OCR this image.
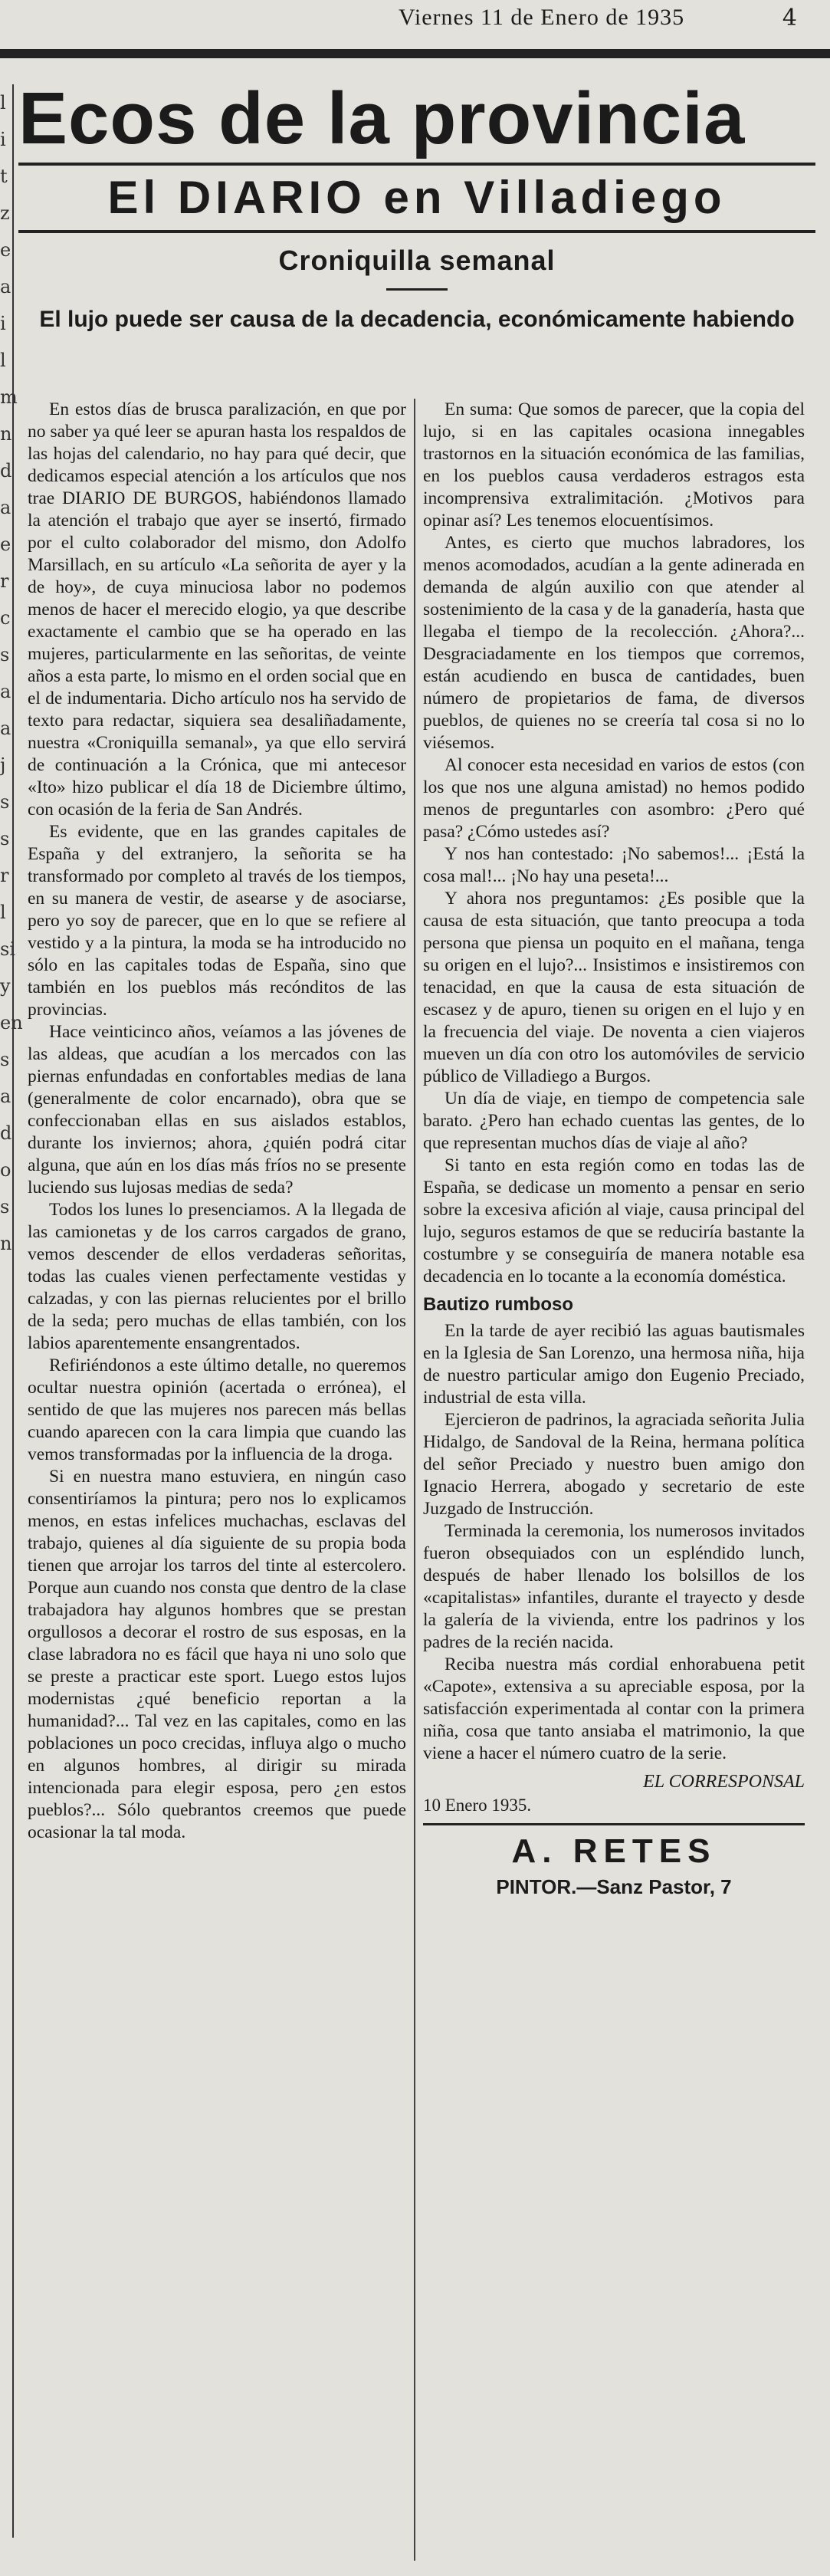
Viernes 11 de Enero de 1935	4
l
i
t
z
e
a
i
l
m
n
d
a
e
r
c
s
a
a
j
s
s
r
l
si
y
en
s
a
d
o
s
n
Ecos de la provincia
El DIARIO en Villadiego
Croniquilla semanal
El lujo puede ser causa de la decadencia, económicamente habiendo

En estos días de brusca paralización, en que por no saber ya qué leer se apuran hasta los respaldos de las hojas del calendario, no hay para qué decir, que dedicamos especial atención a los artículos que nos trae DIARIO DE BURGOS, habiéndonos llamado la atención el trabajo que ayer se insertó, firmado por el culto colaborador del mismo, don Adolfo Marsillach, en su artículo «La señorita de ayer y la de hoy», de cuya minuciosa labor no podemos menos de hacer el merecido elogio, ya que describe exactamente el cambio que se ha operado en las mujeres, particularmente en las señoritas, de veinte años a esta parte, lo mismo en el orden social que en el de indumentaria. Dicho artículo nos ha servido de texto para redactar, siquiera sea desaliñadamente, nuestra «Croniquilla semanal», ya que ello servirá de continuación a la Crónica, que mi antecesor «Ito» hizo publicar el día 18 de Diciembre último, con ocasión de la feria de San Andrés.

Es evidente, que en las grandes capitales de España y del extranjero, la señorita se ha transformado por completo al través de los tiempos, en su manera de vestir, de asearse y de asociarse, pero yo soy de parecer, que en lo que se refiere al vestido y a la pintura, la moda se ha introducido no sólo en las capitales todas de España, sino que también en los pueblos más recónditos de las provincias.

Hace veinticinco años, veíamos a las jóvenes de las aldeas, que acudían a los mercados con las piernas enfundadas en confortables medias de lana (generalmente de color encarnado), obra que se confeccionaban ellas en sus aislados establos, durante los inviernos; ahora, ¿quién podrá citar alguna, que aún en los días más fríos no se presente luciendo sus lujosas medias de seda?

Todos los lunes lo presenciamos. A la llegada de las camionetas y de los carros cargados de grano, vemos descender de ellos verdaderas señoritas, todas las cuales vienen perfectamente vestidas y calzadas, y con las piernas relucientes por el brillo de la seda; pero muchas de ellas también, con los labios aparentemente ensangrentados.

Refiriéndonos a este último detalle, no queremos ocultar nuestra opinión (acertada o errónea), el sentido de que las mujeres nos parecen más bellas cuando aparecen con la cara limpia que cuando las vemos transformadas por la influencia de la droga.

Si en nuestra mano estuviera, en ningún caso consentiríamos la pintura; pero nos lo explicamos menos, en estas infelices muchachas, esclavas del trabajo, quienes al día siguiente de su propia boda tienen que arrojar los tarros del tinte al estercolero. Porque aun cuando nos consta que dentro de la clase trabajadora hay algunos hombres que se prestan orgullosos a decorar el rostro de sus esposas, en la clase labradora no es fácil que haya ni uno solo que se preste a practicar este sport. Luego estos lujos modernistas ¿qué beneficio reportan a la humanidad?... Tal vez en las capitales, como en las poblaciones un poco crecidas, influya algo o mucho en algunos hombres, al dirigir su mirada intencionada para elegir esposa, pero ¿en estos pueblos?... Sólo quebrantos creemos que puede ocasionar la tal moda.

En suma: Que somos de parecer, que la copia del lujo, si en las capitales ocasiona innegables trastornos en la situación económica de las familias, en los pueblos causa verdaderos estragos esta incomprensiva extralimitación. ¿Motivos para opinar así? Les tenemos elocuentísimos.

Antes, es cierto que muchos labradores, los menos acomodados, acudían a la gente adinerada en demanda de algún auxilio con que atender al sostenimiento de la casa y de la ganadería, hasta que llegaba el tiempo de la recolección. ¿Ahora?... Desgraciadamente en los tiempos que corremos, están acudiendo en busca de cantidades, buen número de propietarios de fama, de diversos pueblos, de quienes no se creería tal cosa si no lo viésemos.

Al conocer esta necesidad en varios de estos (con los que nos une alguna amistad) no hemos podido menos de preguntarles con asombro: ¿Pero qué pasa? ¿Cómo ustedes así?

Y nos han contestado: ¡No sabemos!... ¡Está la cosa mal!... ¡No hay una peseta!...

Y ahora nos preguntamos: ¿Es posible que la causa de esta situación, que tanto preocupa a toda persona que piensa un poquito en el mañana, tenga su origen en el lujo?... Insistimos e insistiremos con tenacidad, en que la causa de esta situación de escasez y de apuro, tienen su origen en el lujo y en la frecuencia del viaje. De noventa a cien viajeros mueven un día con otro los automóviles de servicio público de Villadiego a Burgos.

Un día de viaje, en tiempo de competencia sale barato. ¿Pero han echado cuentas las gentes, de lo que representan muchos días de viaje al año?

Si tanto en esta región como en todas las de España, se dedicase un momento a pensar en serio sobre la excesiva afición al viaje, causa principal del lujo, seguros estamos de que se reduciría bastante la costumbre y se conseguiría de manera notable esa decadencia en lo tocante a la economía doméstica.

Bautizo rumboso

En la tarde de ayer recibió las aguas bautismales en la Iglesia de San Lorenzo, una hermosa niña, hija de nuestro particular amigo don Eugenio Preciado, industrial de esta villa.

Ejercieron de padrinos, la agraciada señorita Julia Hidalgo, de Sandoval de la Reina, hermana política del señor Preciado y nuestro buen amigo don Ignacio Herrera, abogado y secretario de este Juzgado de Instrucción.

Terminada la ceremonia, los numerosos invitados fueron obsequiados con un espléndido lunch, después de haber llenado los bolsillos de los «capitalistas» infantiles, durante el trayecto y desde la galería de la vivienda, entre los padrinos y los padres de la recién nacida.

Reciba nuestra más cordial enhorabuena petit «Capote», extensiva a su apreciable esposa, por la satisfacción experimentada al contar con la primera niña, cosa que tanto ansiaba el matrimonio, la que viene a hacer el número cuatro de la serie.

EL CORRESPONSAL
10 Enero 1935.
A. RETES
PINTOR.—Sanz Pastor, 7
